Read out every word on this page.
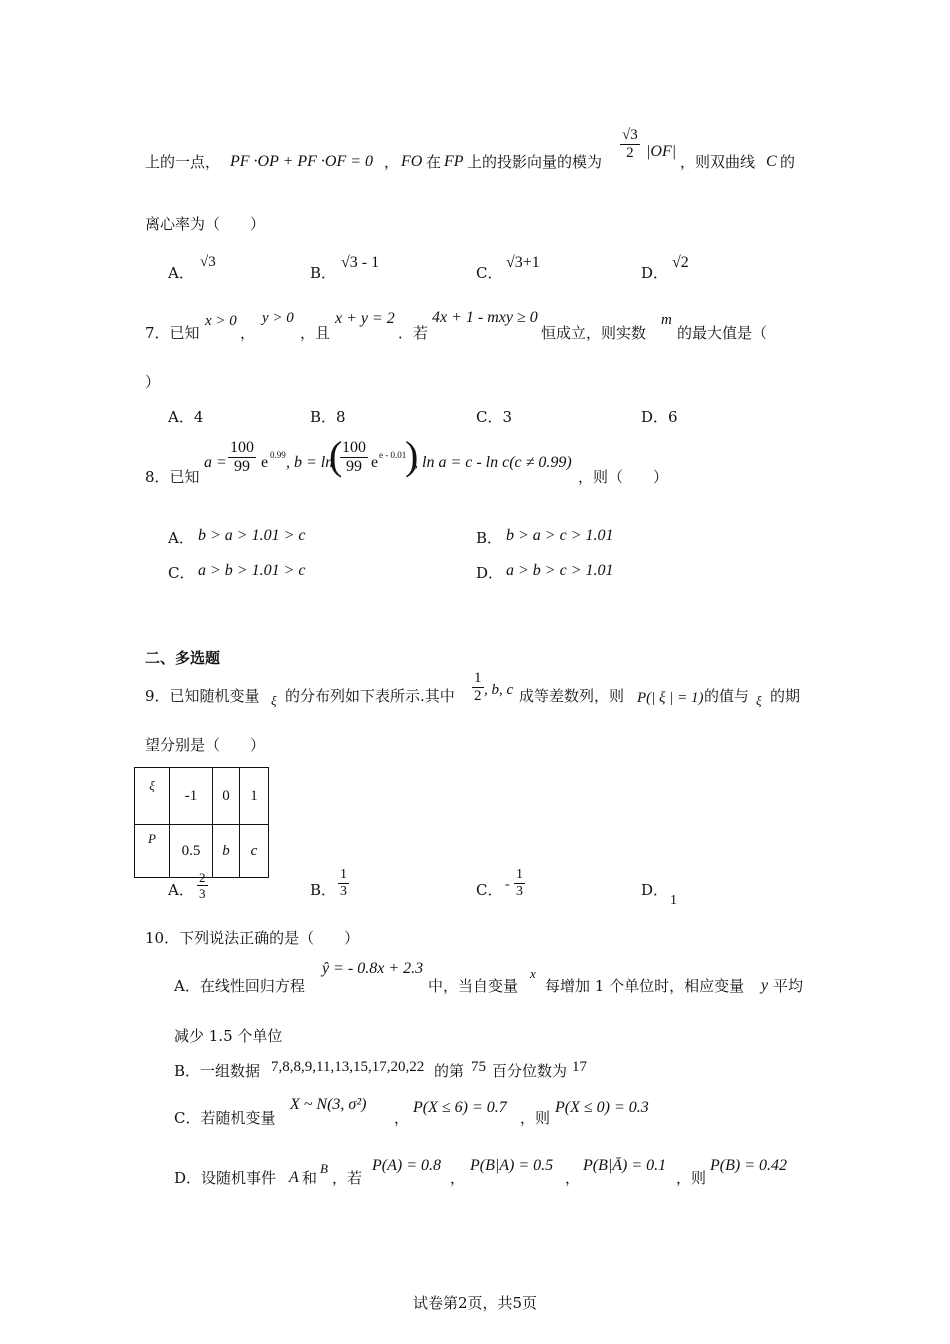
上的一点， PF ·OP + PF ·OF = 0 ， FO 在 FP 上的投影向量的模为
$\frac{√3}{2} |OF|$
，则双曲线 C 的
离心率为（　　）
A．
√3
B．
√3 - 1
C．
√3+1
D．
√2
7．已知
x > 0
，
y > 0
，且
x + y = 2
．若
4x + 1 - mxy ≥ 0
恒成立，则实数
m
的最大值是（
）
A．4	B．8	C．3	D．6
8．已知
$a = \frac{100}{99}$ e 0.99 , b = ln
(
$\frac{100}{99}$ e e - 0.01
)
, ln a = c - ln c(c ≠ 0.99)
，则（　　）
A． b > a > 1.01 > c	B． b > a > c > 1.01
C． a > b > 1.01 > c	D． a > b > c > 1.01
二、多选题
9．已知随机变量 ξ 的分布列如下表所示.其中 $\frac{1}{2}$ , b, c 成等差数列，则 P(| ξ | = 1) 的值与 ξ 的期
望分别是（　　）
ξ	-1	0	1
P	0.5	b	c
A． $\frac{2}{3}$	B． $\frac{1}{3}$	C． - $\frac{1}{3}$	D．
1
10．下列说法正确的是（　　）
A．在线性回归方程
ŷ = - 0.8x + 2.3
中，当自变量
x
每增加 1 个单位时，相应变量 y 平均
减少 1.5 个单位
B．一组数据 7,8,8,9,11,13,15,17,20,22 的第 75 百分位数为 17
C．若随机变量
X ~ N(3, σ²)
，
P(X ≤ 6) = 0.7
，则
P(X ≤ 0) = 0.3
D．设随机事件 A 和
B
，若
P(A) = 0.8
，
P(B|A) = 0.5
，
P(B|Ā) = 0.1
，则
P(B) = 0.42
试卷第2页，共5页
